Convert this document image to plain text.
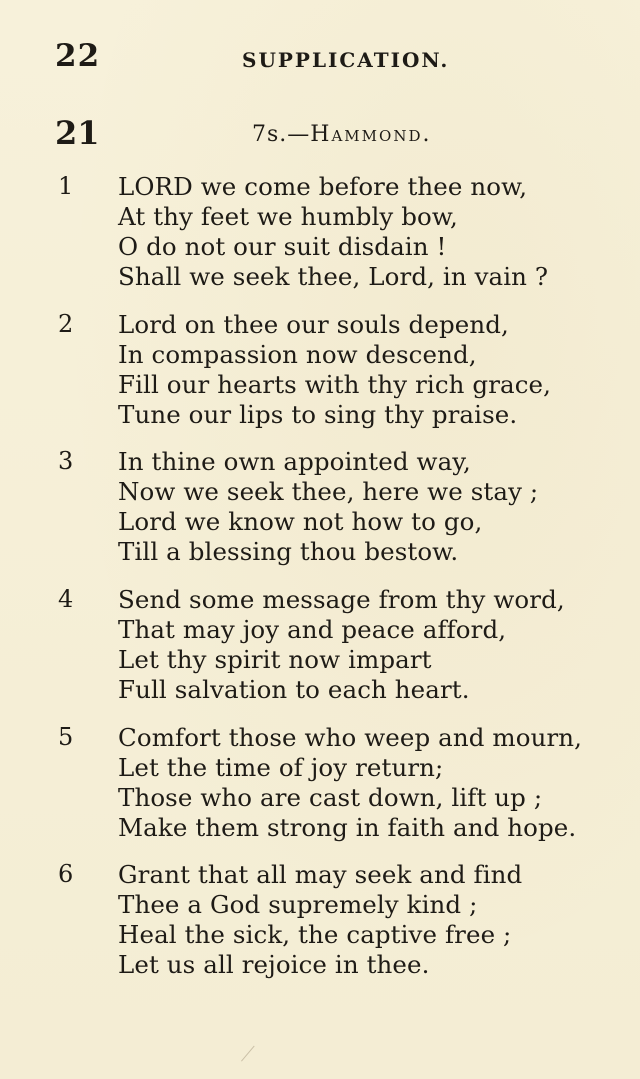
22	SUPPLICATION.
21	7s.—Hammond.
1 LORD we come before thee now,
At thy feet we humbly bow,
O do not our suit disdain !
Shall we seek thee, Lord, in vain ?
2 Lord on thee our souls depend,
In compassion now descend,
Fill our hearts with thy rich grace,
Tune our lips to sing thy praise.
3 In thine own appointed way,
Now we seek thee, here we stay ;
Lord we know not how to go,
Till a blessing thou bestow.
4 Send some message from thy word,
That may joy and peace afford,
Let thy spirit now impart
Full salvation to each heart.
5 Comfort those who weep and mourn,
Let the time of joy return;
Those who are cast down, lift up ;
Make them strong in faith and hope.
6 Grant that all may seek and find
Thee a God supremely kind ;
Heal the sick, the captive free ;
Let us all rejoice in thee.
